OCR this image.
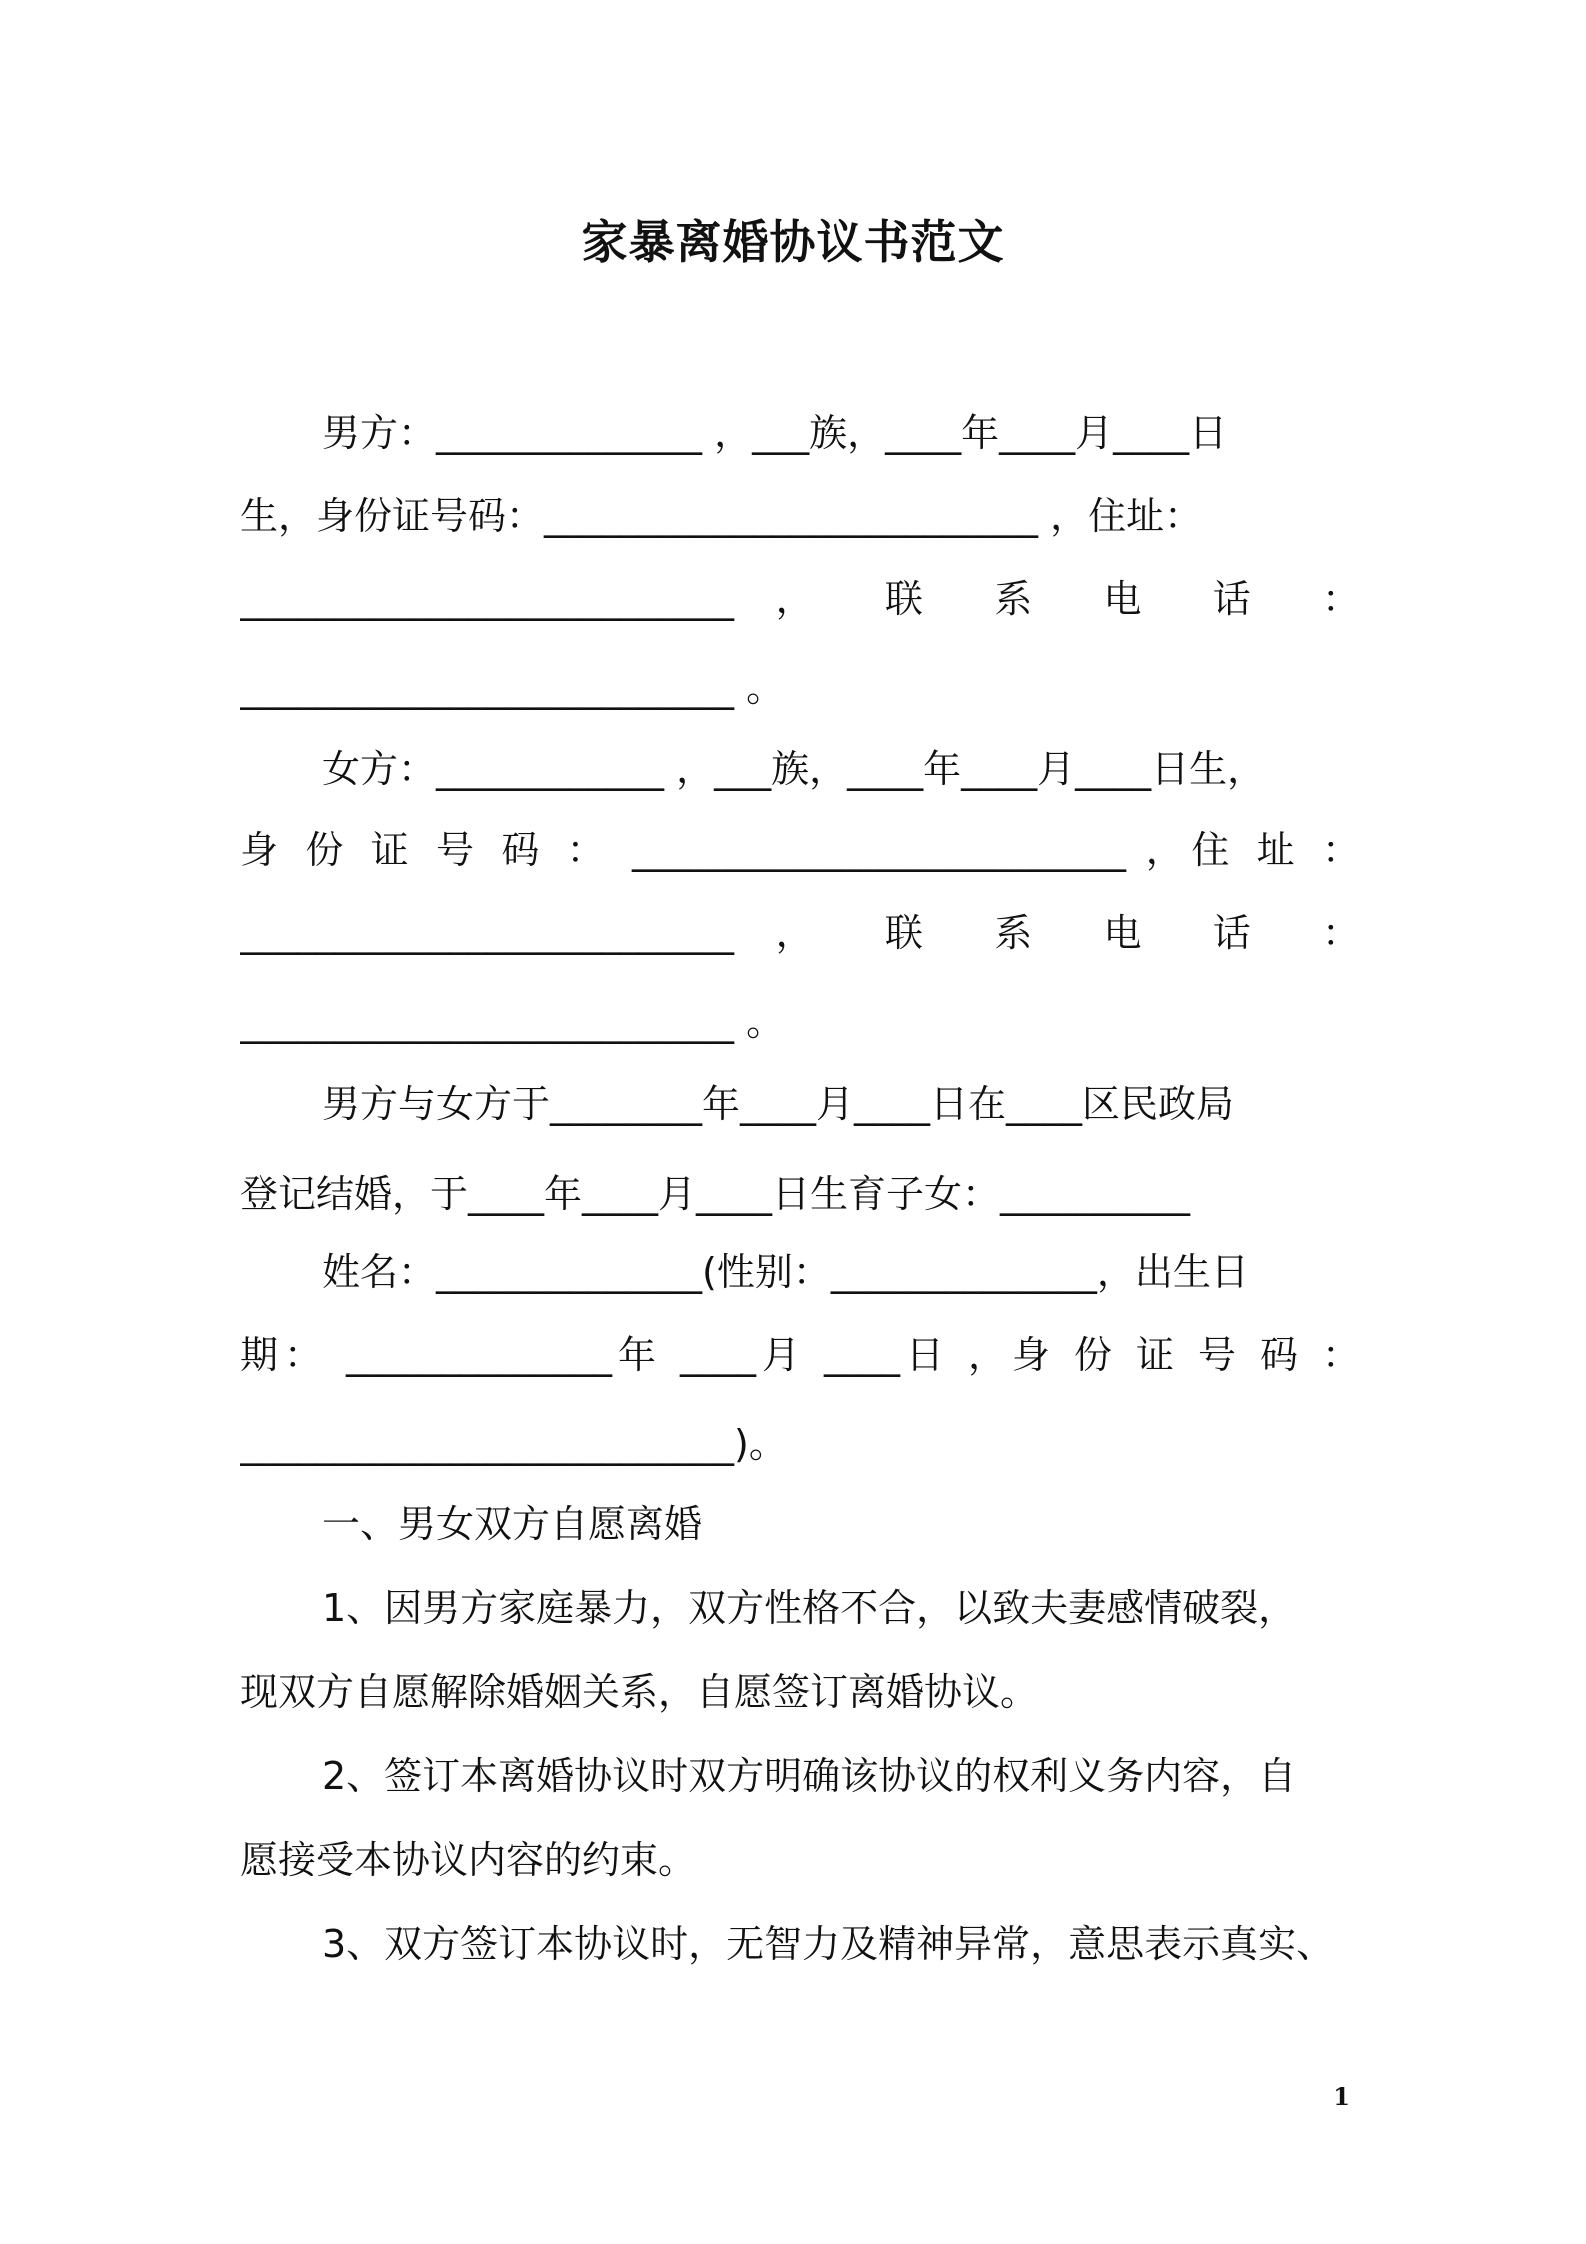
家暴离婚协议书范文
男方：______________ ，___族，____年____月____日
生，身份证号码：__________________________ ，住址：
__________________________ ， 联 系 电 话 ：
__________________________ 。
女方：____________ ，___族，____年____月____日生，
身 份 证 号 码 ： __________________________ ，住 址 ：
__________________________ ， 联 系 电 话 ：
__________________________ 。
男方与女方于________年____月____日在____区民政局
登记结婚，于____年____月____日生育子女：__________
姓名：______________(性别：______________，出生日
期： ______________年 ____月 ____日 ，身 份 证 号 码 ：
__________________________)。
一、男女双方自愿离婚
1、因男方家庭暴力，双方性格不合，以致夫妻感情破裂，
现双方自愿解除婚姻关系，自愿签订离婚协议。
2、签订本离婚协议时双方明确该协议的权利义务内容，自
愿接受本协议内容的约束。
3、双方签订本协议时，无智力及精神异常，意思表示真实、
1
